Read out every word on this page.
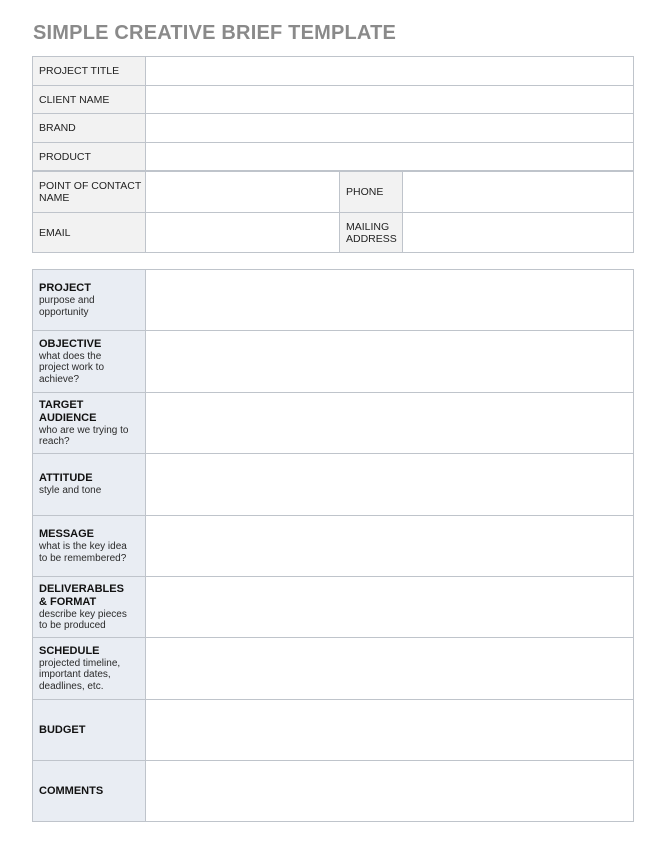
SIMPLE CREATIVE BRIEF TEMPLATE
PROJECT TITLE
CLIENT NAME
BRAND
PRODUCT
POINT OF CONTACT
NAME	PHONE
EMAIL	MAILING
ADDRESS
PROJECT
purpose and
opportunity
OBJECTIVE
what does the
project work to
achieve?
TARGET AUDIENCE
who are we trying to
reach?
ATTITUDE
style and tone
MESSAGE
what is the key idea
to be remembered?
DELIVERABLES
& FORMAT
describe key pieces
to be produced
SCHEDULE
projected timeline,
important dates,
deadlines, etc.
BUDGET
COMMENTS
